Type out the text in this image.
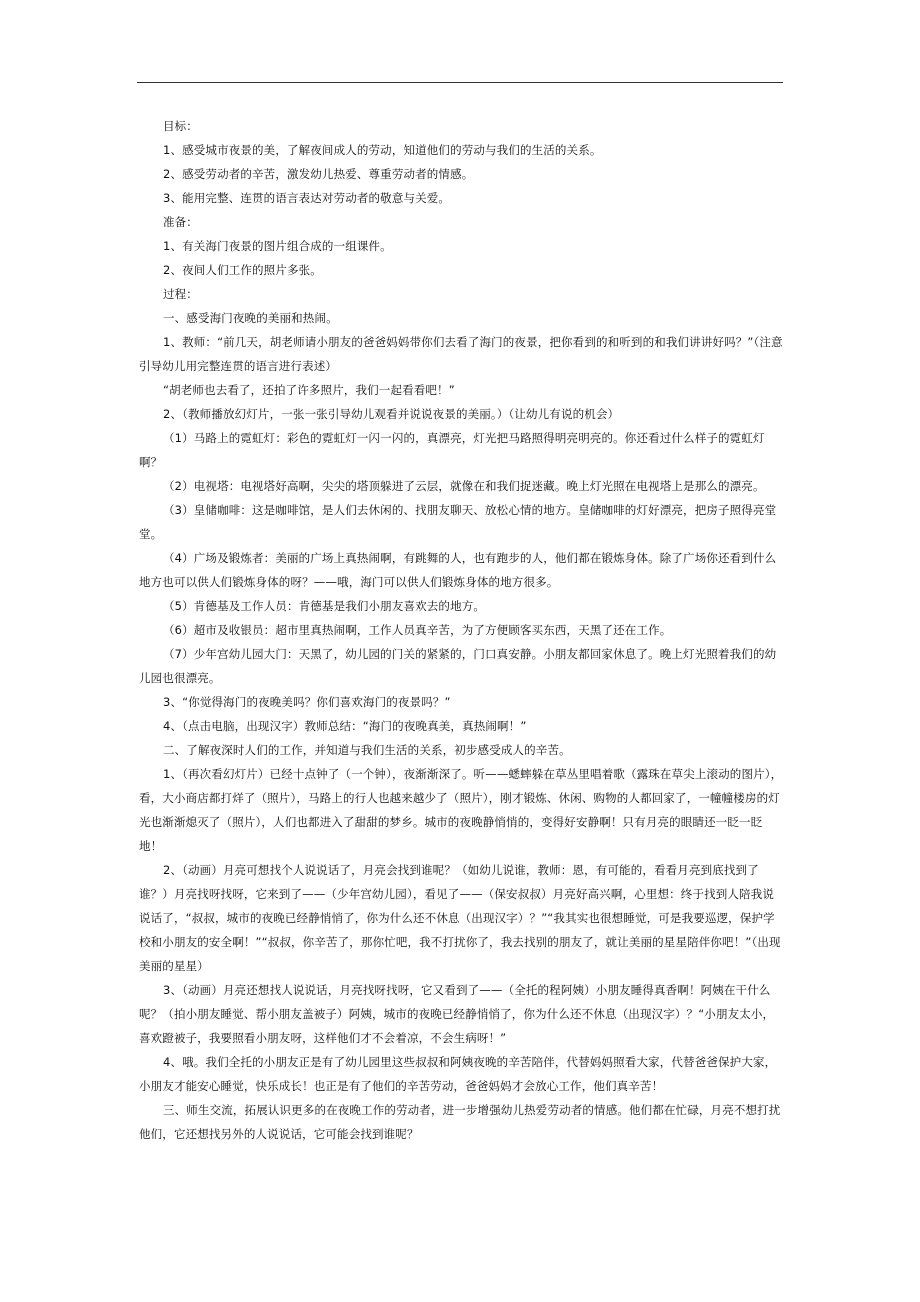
目标：

1、感受城市夜景的美，了解夜间成人的劳动，知道他们的劳动与我们的生活的关系。

2、感受劳动者的辛苦，激发幼儿热爱、尊重劳动者的情感。

3、能用完整、连贯的语言表达对劳动者的敬意与关爱。

准备：

1、有关海门夜景的图片组合成的一组课件。

2、夜间人们工作的照片多张。

过程：

一、感受海门夜晚的美丽和热闹。

1、教师：“前几天，胡老师请小朋友的爸爸妈妈带你们去看了海门的夜景，把你看到的和听到的和我们讲讲好吗？”（注意引导幼儿用完整连贯的语言进行表述）

“胡老师也去看了，还拍了许多照片，我们一起看看吧！”

2、（教师播放幻灯片，一张一张引导幼儿观看并说说夜景的美丽。）（让幼儿有说的机会）

（1）马路上的霓虹灯：彩色的霓虹灯一闪一闪的，真漂亮，灯光把马路照得明亮明亮的。你还看过什么样子的霓虹灯啊？

（2）电视塔：电视塔好高啊，尖尖的塔顶躲进了云层，就像在和我们捉迷藏。晚上灯光照在电视塔上是那么的漂亮。

（3）皇储咖啡：这是咖啡馆，是人们去休闲的、找朋友聊天、放松心情的地方。皇储咖啡的灯好漂亮，把房子照得亮堂堂。

（4）广场及锻炼者：美丽的广场上真热闹啊，有跳舞的人，也有跑步的人，他们都在锻炼身体。除了广场你还看到什么地方也可以供人们锻炼身体的呀？——哦，海门可以供人们锻炼身体的地方很多。

（5）肯德基及工作人员：肯德基是我们小朋友喜欢去的地方。

（6）超市及收银员：超市里真热闹啊，工作人员真辛苦，为了方便顾客买东西，天黑了还在工作。

（7）少年宫幼儿园大门：天黑了，幼儿园的门关的紧紧的，门口真安静。小朋友都回家休息了。晚上灯光照着我们的幼儿园也很漂亮。

3、“你觉得海门的夜晚美吗？你们喜欢海门的夜景吗？”

4、（点击电脑，出现汉字）教师总结：“海门的夜晚真美，真热闹啊！”

二、了解夜深时人们的工作，并知道与我们生活的关系，初步感受成人的辛苦。

1、（再次看幻灯片）已经十点钟了（一个钟），夜渐渐深了。听——蟋蟀躲在草丛里唱着歌（露珠在草尖上滚动的图片），看，大小商店都打烊了（照片），马路上的行人也越来越少了（照片），刚才锻炼、休闲、购物的人都回家了，一幢幢楼房的灯光也渐渐熄灭了（照片），人们也都进入了甜甜的梦乡。城市的夜晚静悄悄的，变得好安静啊！只有月亮的眼睛还一眨一眨地！

2、（动画）月亮可想找个人说说话了，月亮会找到谁呢？（如幼儿说谁，教师：恩，有可能的，看看月亮到底找到了谁？）月亮找呀找呀，它来到了——（少年宫幼儿园），看见了——（保安叔叔）月亮好高兴啊，心里想：终于找到人陪我说说话了，“叔叔，城市的夜晚已经静悄悄了，你为什么还不休息（出现汉字）？”“我其实也很想睡觉，可是我要巡逻，保护学校和小朋友的安全啊！”“叔叔，你辛苦了，那你忙吧，我不打扰你了，我去找别的朋友了，就让美丽的星星陪伴你吧！”（出现美丽的星星）

3、（动画）月亮还想找人说说话，月亮找呀找呀，它又看到了——（全托的程阿姨）小朋友睡得真香啊！阿姨在干什么呢？（拍小朋友睡觉、帮小朋友盖被子）阿姨，城市的夜晚已经静悄悄了，你为什么还不休息（出现汉字）？“小朋友太小，喜欢蹬被子，我要照看小朋友呀，这样他们才不会着凉，不会生病呀！”

4、哦。我们全托的小朋友正是有了幼儿园里这些叔叔和阿姨夜晚的辛苦陪伴，代替妈妈照看大家，代替爸爸保护大家，小朋友才能安心睡觉，快乐成长！也正是有了他们的辛苦劳动，爸爸妈妈才会放心工作，他们真辛苦！

三、师生交流，拓展认识更多的在夜晚工作的劳动者，进一步增强幼儿热爱劳动者的情感。他们都在忙碌，月亮不想打扰他们，它还想找另外的人说说话，它可能会找到谁呢？
